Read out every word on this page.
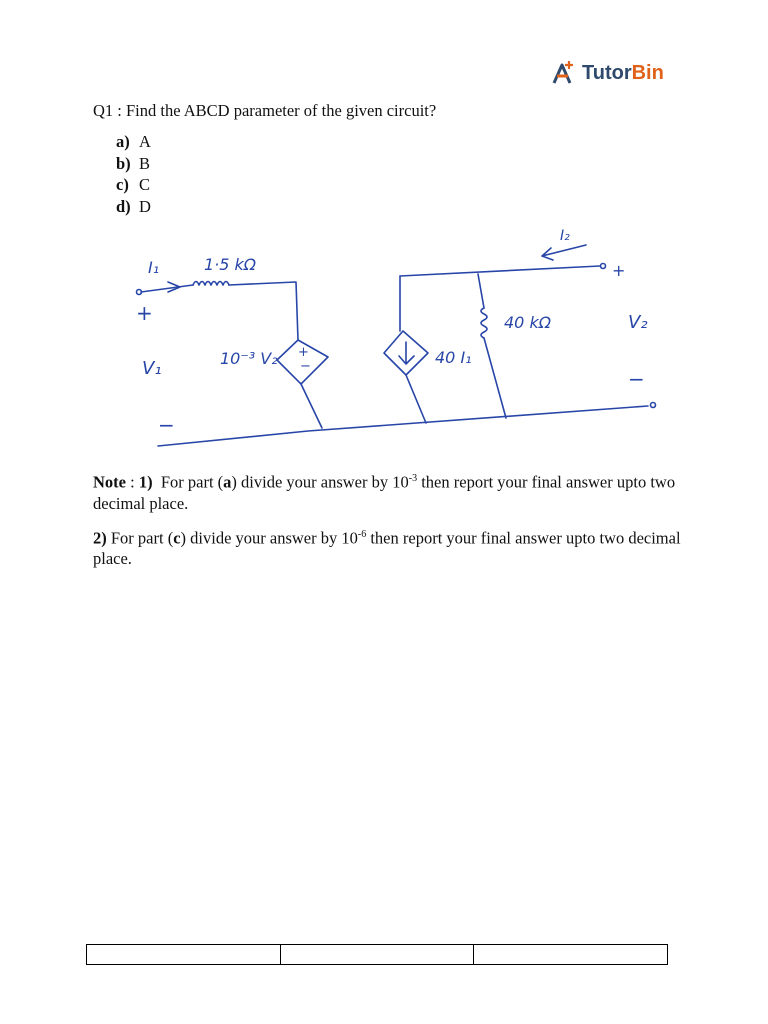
TutorBin
Q1 : Find the ABCD parameter of the given circuit?
a) A
b) B
c) C
d) D
I₁	1·5 kΩ
+
V₁
−
10⁻³ V₂ +
−	40 I₁
40 kΩ
I₂
+
V₂
−

Note : 1) For part (a) divide your answer by $10^{-3}$ then report your final answer upto two decimal place.

2) For part (c) divide your answer by $10^{-6}$ then report your final answer upto two decimal place.
